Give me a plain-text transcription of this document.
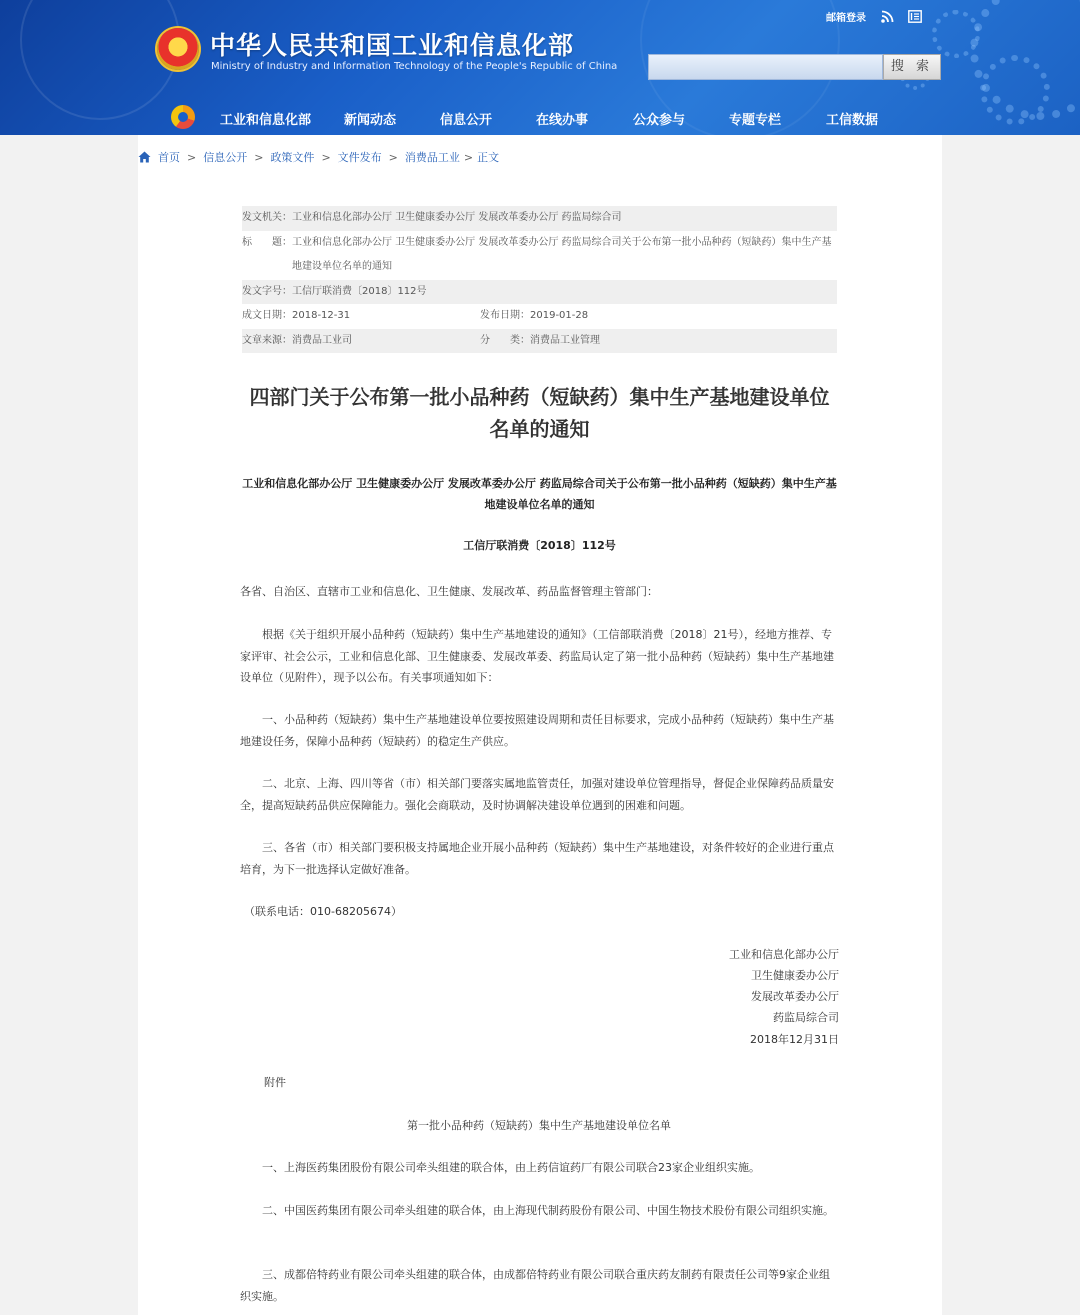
中华人民共和国工业和信息化部
Ministry of Industry and Information Technology of the People's Republic of China
邮箱登录
搜 索
工业和信息化部	新闻动态	信息公开	在线办事	公众参与	专题专栏	工信数据
首页 > 信息公开 > 政策文件 > 文件发布 > 消费品工业 > 正文
发文机关： 工业和信息化部办公厅 卫生健康委办公厅 发展改革委办公厅 药监局综合司
标　　题： 工业和信息化部办公厅 卫生健康委办公厅 发展改革委办公厅 药监局综合司关于公布第一批小品种药（短缺药）集中生产基地建设单位名单的通知
发文字号： 工信厅联消费〔2018〕112号
成文日期： 2018-12-31	发布日期： 2019-01-28
文章来源： 消费品工业司	分　　类： 消费品工业管理
四部门关于公布第一批小品种药（短缺药）集中生产基地建设单位名单的通知
工业和信息化部办公厅 卫生健康委办公厅 发展改革委办公厅 药监局综合司关于公布第一批小品种药（短缺药）集中生产基地建设单位名单的通知
工信厅联消费〔2018〕112号
各省、自治区、直辖市工业和信息化、卫生健康、发展改革、药品监督管理主管部门：
根据《关于组织开展小品种药（短缺药）集中生产基地建设的通知》（工信部联消费〔2018〕21号），经地方推荐、专家评审、社会公示，工业和信息化部、卫生健康委、发展改革委、药监局认定了第一批小品种药（短缺药）集中生产基地建设单位（见附件），现予以公布。有关事项通知如下：
一、小品种药（短缺药）集中生产基地建设单位要按照建设周期和责任目标要求，完成小品种药（短缺药）集中生产基地建设任务，保障小品种药（短缺药）的稳定生产供应。
二、北京、上海、四川等省（市）相关部门要落实属地监管责任，加强对建设单位管理指导，督促企业保障药品质量安全，提高短缺药品供应保障能力。强化会商联动，及时协调解决建设单位遇到的困难和问题。
三、各省（市）相关部门要积极支持属地企业开展小品种药（短缺药）集中生产基地建设，对条件较好的企业进行重点培育，为下一批选择认定做好准备。
（联系电话：010-68205674）
工业和信息化部办公厅
卫生健康委办公厅
发展改革委办公厅
药监局综合司
2018年12月31日
附件
第一批小品种药（短缺药）集中生产基地建设单位名单
一、上海医药集团股份有限公司牵头组建的联合体，由上药信谊药厂有限公司联合23家企业组织实施。
二、中国医药集团有限公司牵头组建的联合体，由上海现代制药股份有限公司、中国生物技术股份有限公司组织实施。
三、成都倍特药业有限公司牵头组建的联合体，由成都倍特药业有限公司联合重庆药友制药有限责任公司等9家企业组织实施。
